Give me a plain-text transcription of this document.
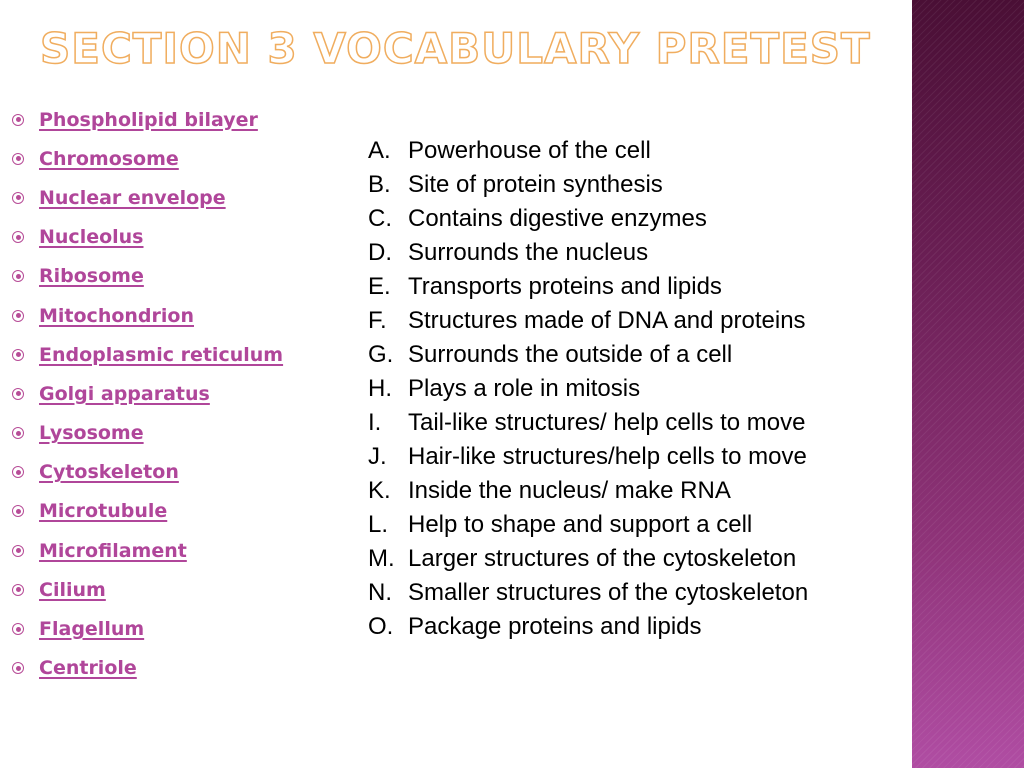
SECTION 3 VOCABULARY PRETEST
Phospholipid bilayer
Chromosome
Nuclear envelope
Nucleolus
Ribosome
Mitochondrion
Endoplasmic reticulum
Golgi apparatus
Lysosome
Cytoskeleton
Microtubule
Microfilament
Cilium
Flagellum
Centriole
A. Powerhouse of the cell
B. Site of protein synthesis
C. Contains digestive enzymes
D. Surrounds the nucleus
E. Transports proteins and lipids
F. Structures made of DNA and proteins
G. Surrounds the outside of a cell
H. Plays a role in mitosis
I.	Tail-like structures/ help cells to move
J. Hair-like structures/help cells to move
K. Inside the nucleus/ make RNA
L. Help to shape and support a cell
M. Larger structures of the cytoskeleton
N. Smaller structures of the cytoskeleton
O. Package proteins and lipids
